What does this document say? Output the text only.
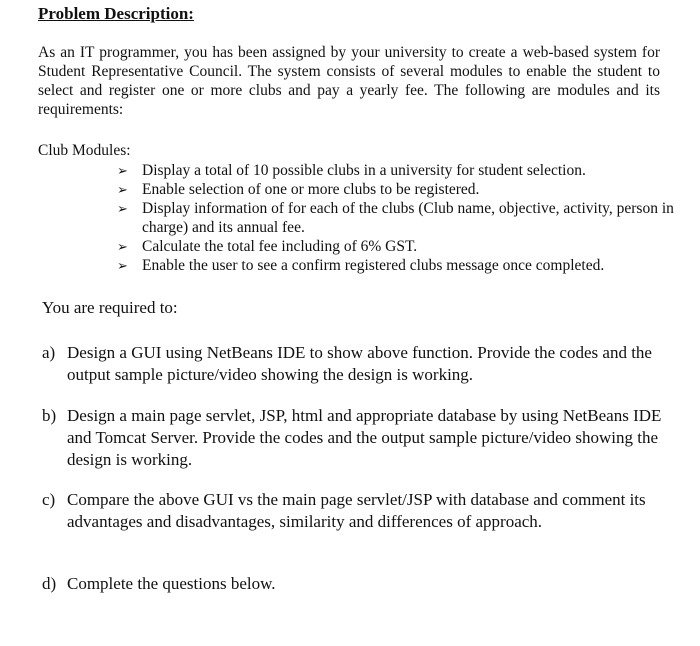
Problem Description:
As an IT programmer, you has been assigned by your university to create a web-based system for Student Representative Council. The system consists of several modules to enable the student to select and register one or more clubs and pay a yearly fee. The following are modules and its requirements:
Club Modules:
➢ Display a total of 10 possible clubs in a university for student selection.
➢ Enable selection of one or more clubs to be registered.
➢ Display information of for each of the clubs (Club name, objective, activity, person in charge) and its annual fee.
➢ Calculate the total fee including of 6% GST.
➢ Enable the user to see a confirm registered clubs message once completed.
You are required to:
a) Design a GUI using NetBeans IDE to show above function. Provide the codes and the output sample picture/video showing the design is working.
b) Design a main page servlet, JSP, html and appropriate database by using NetBeans IDE and Tomcat Server. Provide the codes and the output sample picture/video showing the design is working.
c) Compare the above GUI vs the main page servlet/JSP with database and comment its advantages and disadvantages, similarity and differences of approach.
d) Complete the questions below.
